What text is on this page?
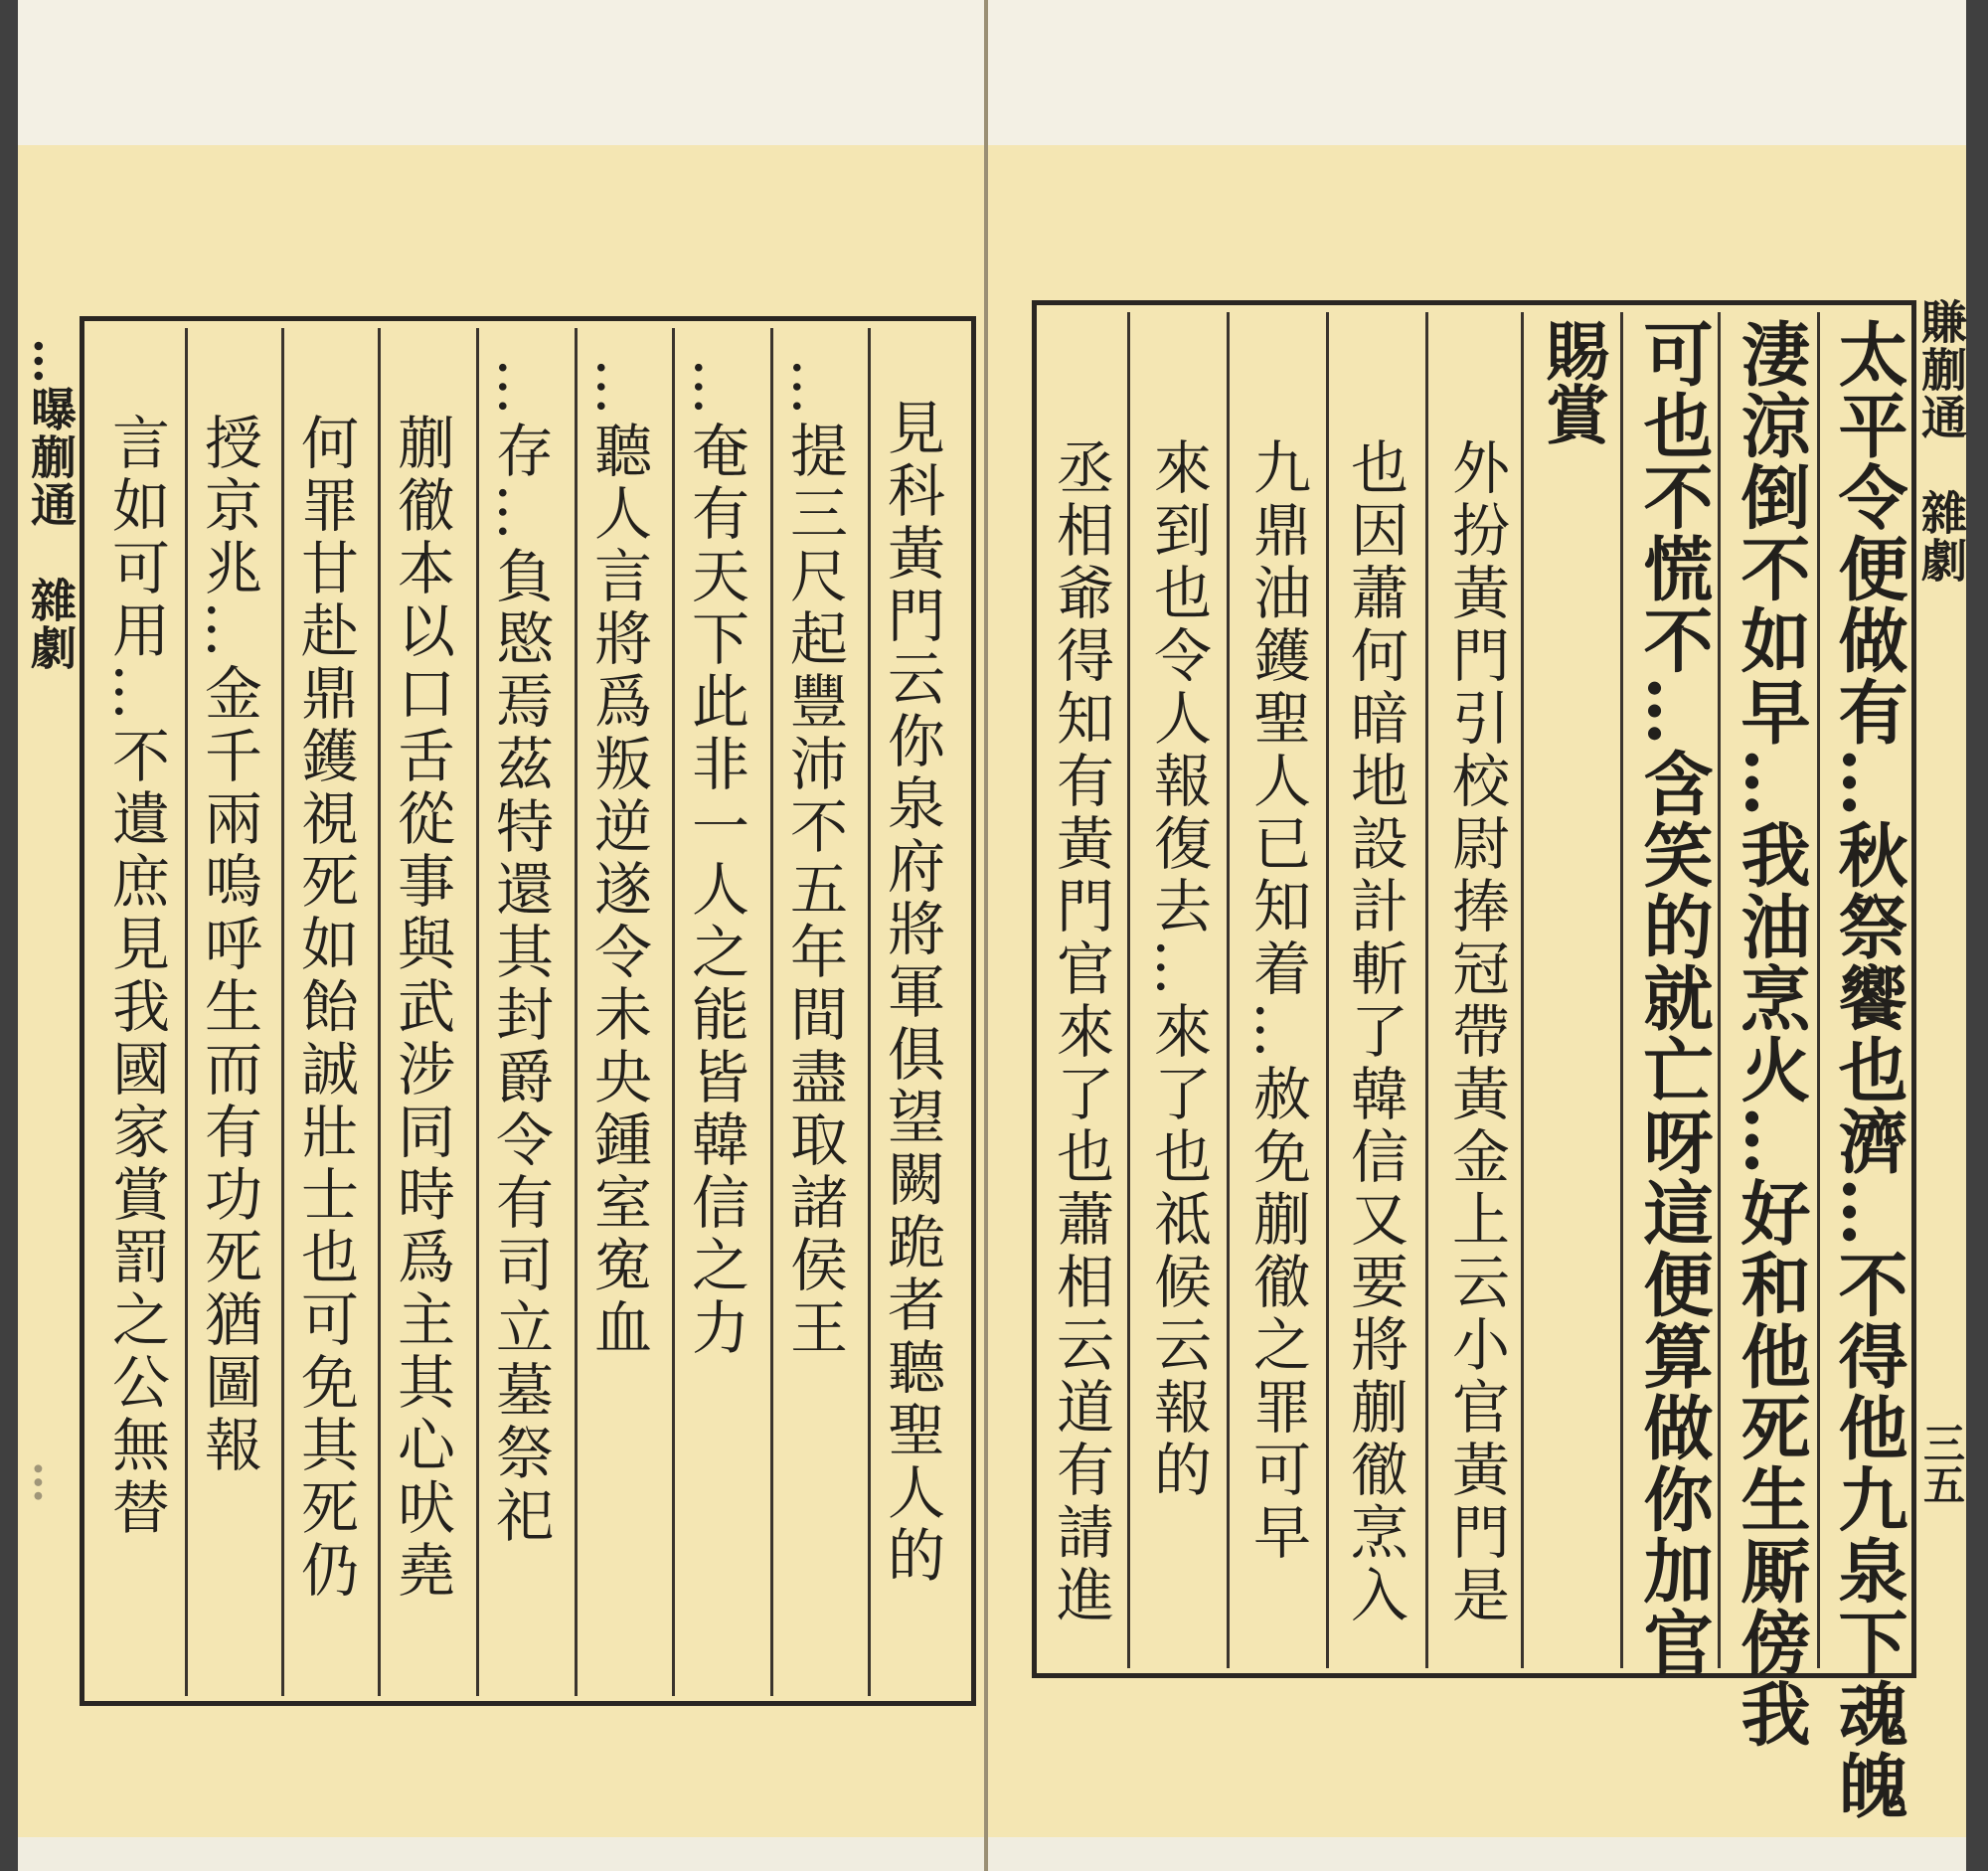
…曝蒯通　雜劇
…	見科黃門云你泉府將軍俱望闕跪者聽聖人的
…提三尺起豐沛不五年間盡取諸侯王
…奄有天下此非一人之能皆韓信之力
…聽人言將爲叛逆遂令未央鍾室寃血
…存…負愍焉茲特還其封爵令有司立墓祭祀
蒯徹本以口舌從事與武涉同時爲主其心吠堯
何罪甘赴鼎鑊視死如飴誠壯士也可免其死仍
授京兆…金千兩嗚呼生而有功死猶圖報
言如可用…不遺庶見我國家賞罰之公無替	賺蒯通　雜劇
三五
太平令便做有…秋祭饗也濟…不得他九泉下魂魄
淒涼倒不如早…我油烹火…好和他死生厮傍我
可也不慌不…含笑的就亡呀這便算做你加官
賜賞
外扮黃門引校尉捧冠帶黃金上云小官黃門是
也因蕭何暗地設計斬了韓信又要將蒯徹烹入
九鼎油鑊聖人已知着…赦免蒯徹之罪可早
來到也令人報復去…來了也祗候云報的
丞相爺得知有黃門官來了也蕭相云道有請進
